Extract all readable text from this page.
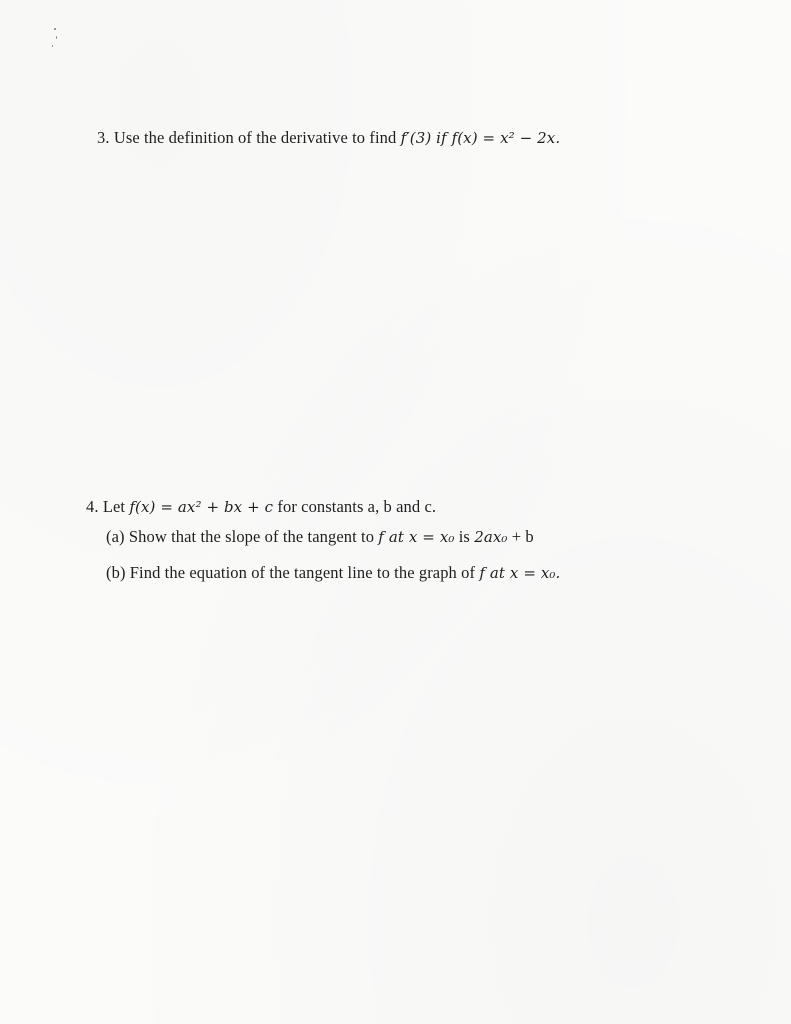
3. Use the definition of the derivative to find f′(3) if f(x) = x² − 2x.
4. Let f(x) = ax² + bx + c for constants a, b and c.
(a) Show that the slope of the tangent to f at x = x₀ is 2ax₀ + b
(b) Find the equation of the tangent line to the graph of f at x = x₀.
